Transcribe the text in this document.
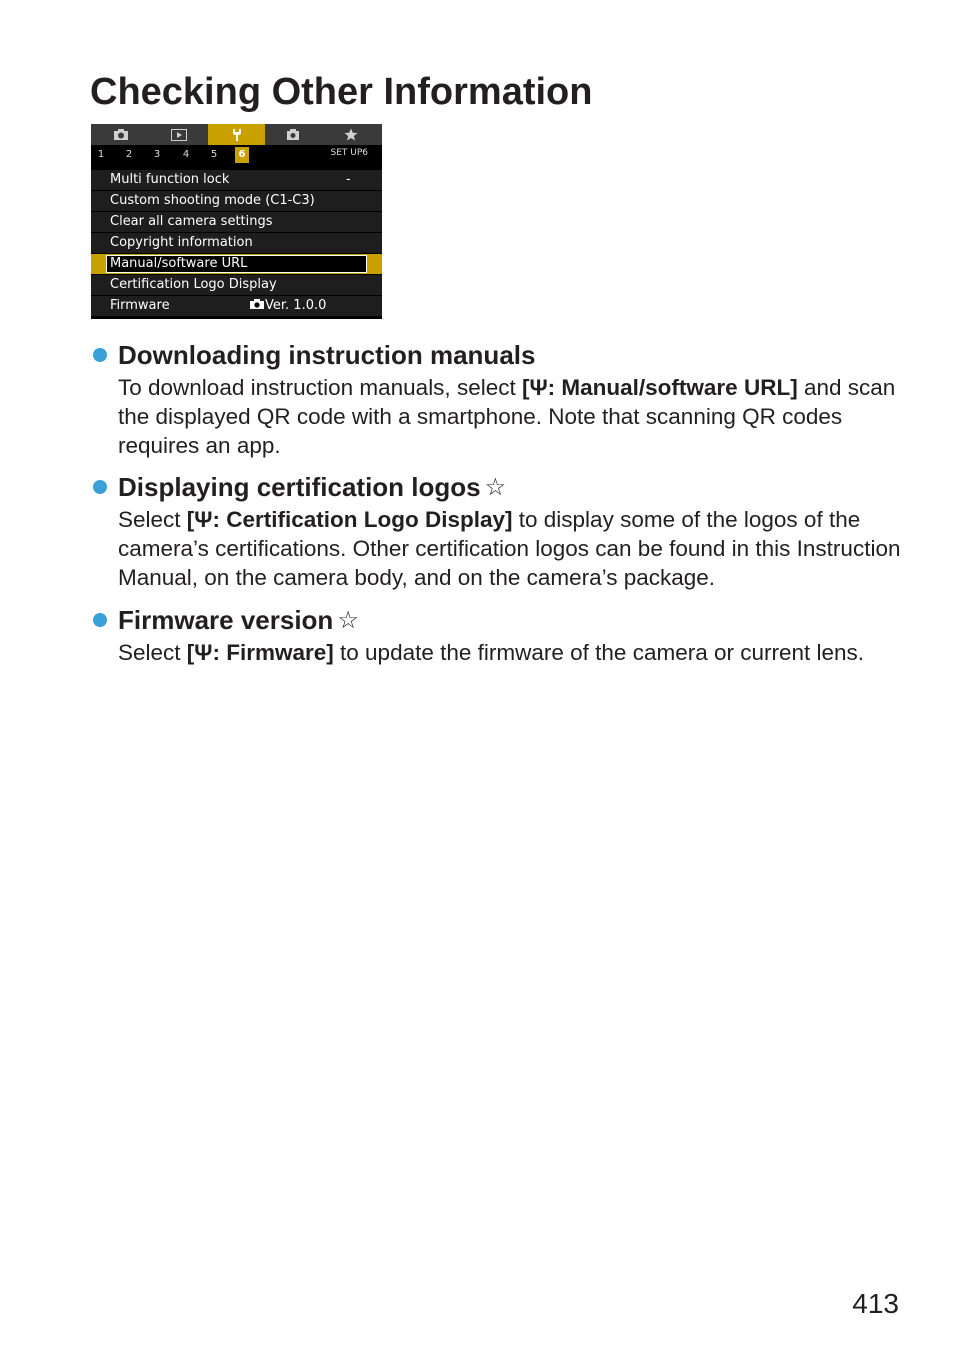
Checking Other Information
1	2	3	4	5	6	SET UP6
Multi function lock	-
Custom shooting mode (C1-C3)
Clear all camera settings
Copyright information
Manual/software URL
Certification Logo Display
Firmware	Ver. 1.0.0
Downloading instruction manuals
To download instruction manuals, select [Ψ: Manual/software URL] and scan the displayed QR code with a smartphone. Note that scanning QR codes requires an app.
Displaying certification logos ☆
Select [Ψ: Certification Logo Display] to display some of the logos of the camera’s certifications. Other certification logos can be found in this Instruction Manual, on the camera body, and on the camera’s package.
Firmware version ☆
Select [Ψ: Firmware] to update the firmware of the camera or current lens.
413
